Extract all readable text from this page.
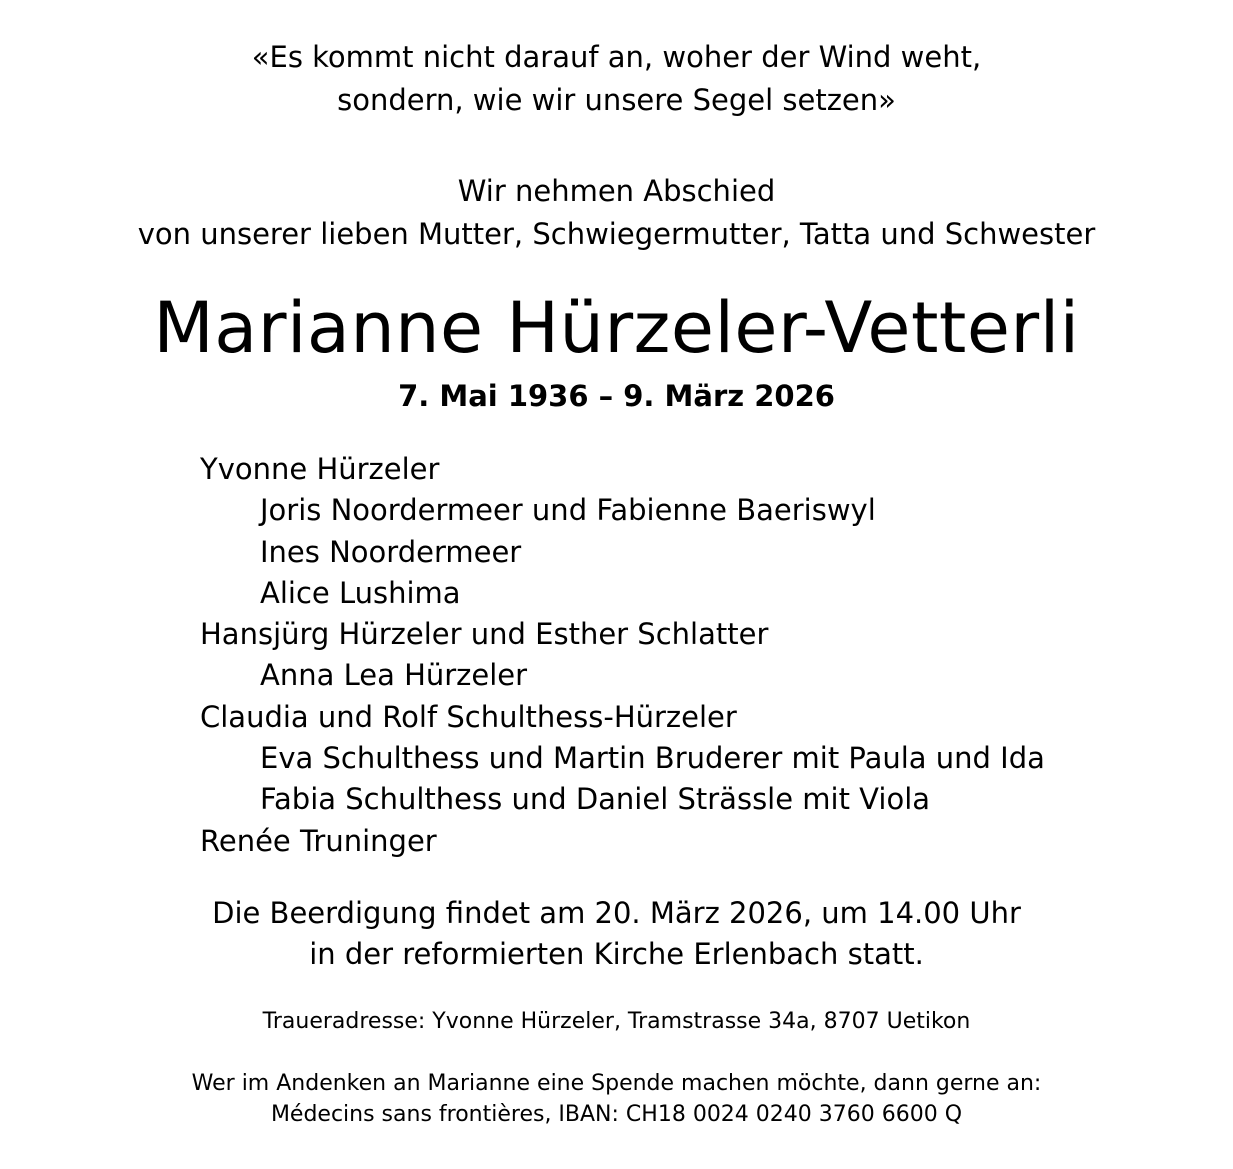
«Es kommt nicht darauf an, woher der Wind weht,
sondern, wie wir unsere Segel setzen»
Wir nehmen Abschied
von unserer lieben Mutter, Schwiegermutter, Tatta und Schwester
Marianne Hürzeler-Vetterli
7. Mai 1936 – 9. März 2026
Yvonne Hürzeler
Joris Noordermeer und Fabienne Baeriswyl
Ines Noordermeer
Alice Lushima
Hansjürg Hürzeler und Esther Schlatter
Anna Lea Hürzeler
Claudia und Rolf Schulthess-Hürzeler
Eva Schulthess und Martin Bruderer mit Paula und Ida
Fabia Schulthess und Daniel Strässle mit Viola
Renée Truninger
Die Beerdigung findet am 20. März 2026, um 14.00 Uhr
in der reformierten Kirche Erlenbach statt.
Traueradresse: Yvonne Hürzeler, Tramstrasse 34a, 8707 Uetikon
Wer im Andenken an Marianne eine Spende machen möchte, dann gerne an:
Médecins sans frontières, IBAN: CH18 0024 0240 3760 6600 Q
